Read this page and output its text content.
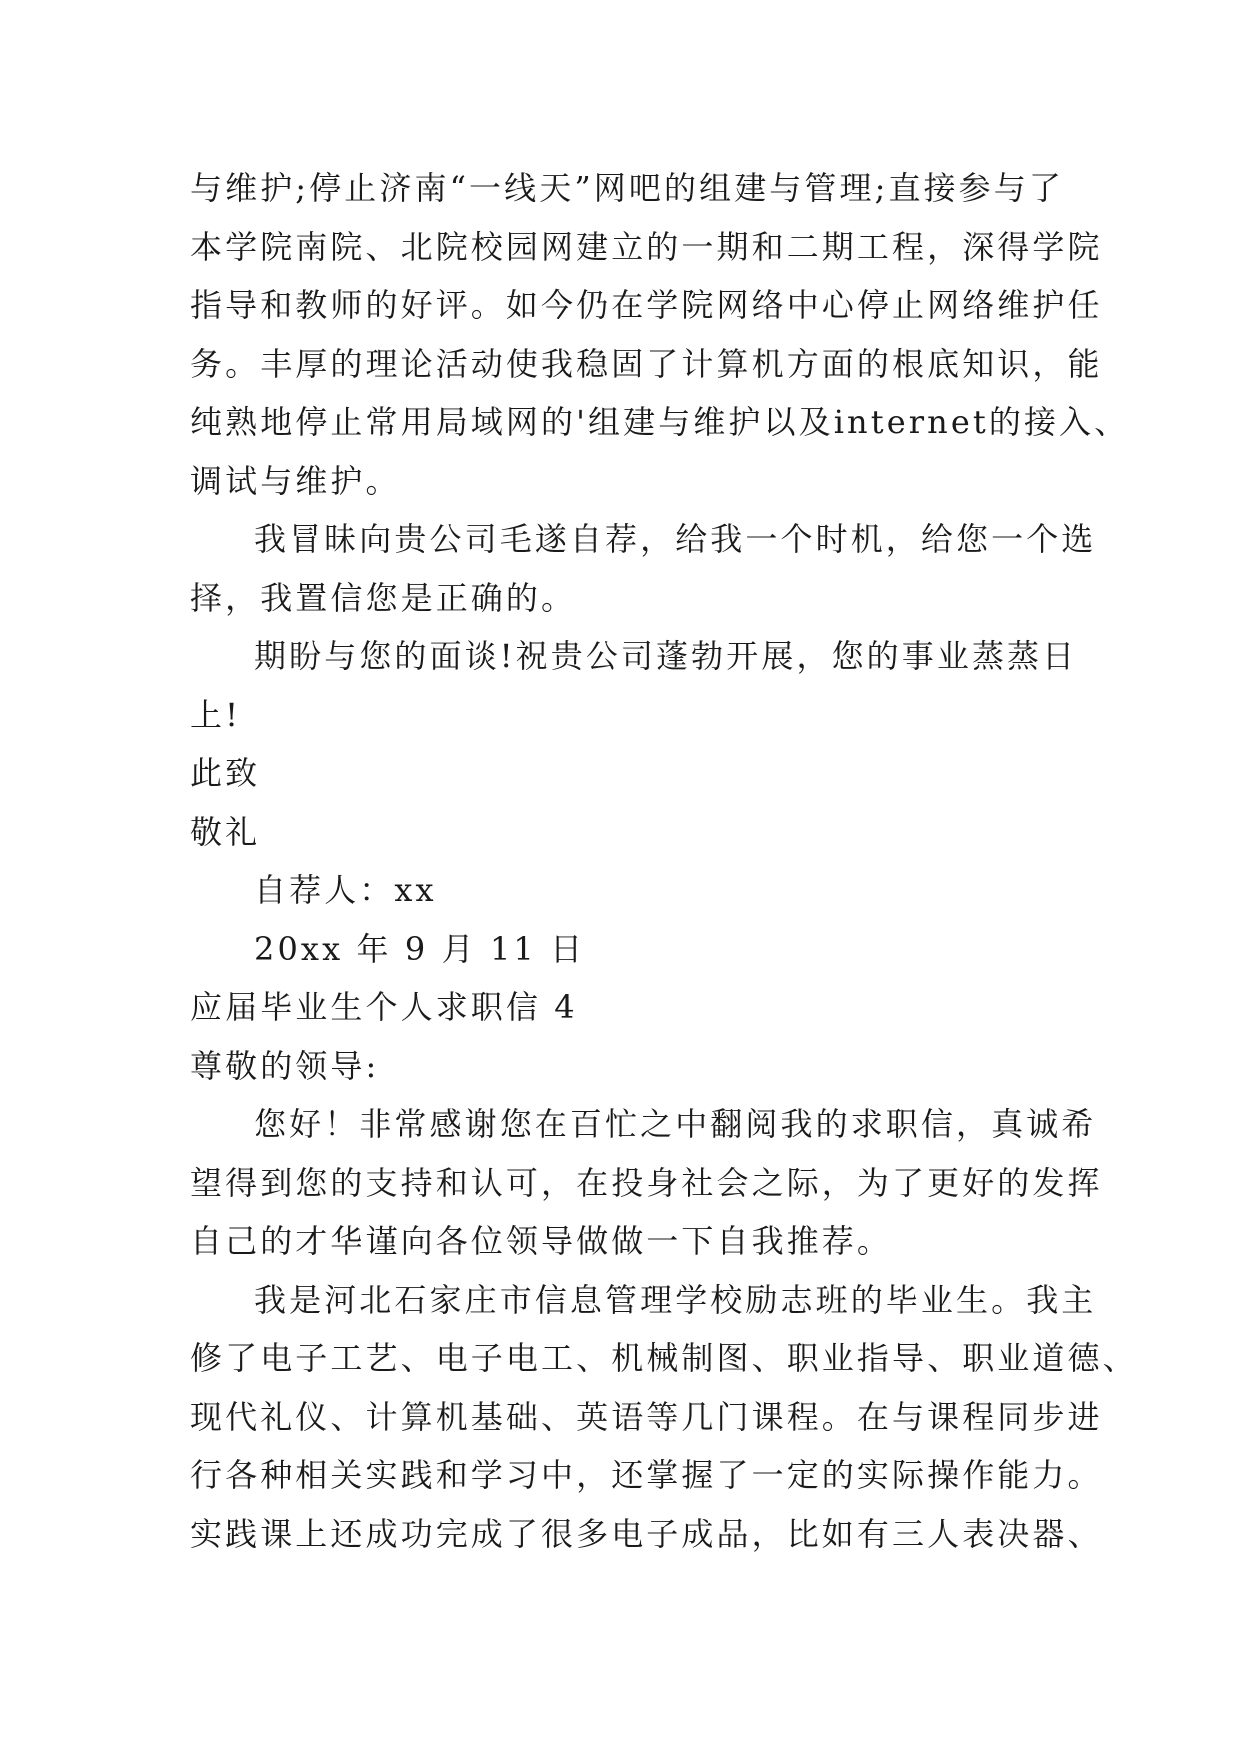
与维护;停止济南“一线天”网吧的组建与管理;直接参与了
本学院南院、北院校园网建立的一期和二期工程，深得学院
指导和教师的好评。如今仍在学院网络中心停止网络维护任
务。丰厚的理论活动使我稳固了计算机方面的根底知识，能
纯熟地停止常用局域网的'组建与维护以及internet的接入、
调试与维护。
我冒昧向贵公司毛遂自荐，给我一个时机，给您一个选
择，我置信您是正确的。
期盼与您的面谈!祝贵公司蓬勃开展，您的事业蒸蒸日
上!
此致
敬礼
自荐人：xx
20xx 年 9 月 11 日
应届毕业生个人求职信 4
尊敬的领导:
您好！非常感谢您在百忙之中翻阅我的求职信，真诚希
望得到您的支持和认可，在投身社会之际，为了更好的发挥
自己的才华谨向各位领导做做一下自我推荐。
我是河北石家庄市信息管理学校励志班的毕业生。我主
修了电子工艺、电子电工、机械制图、职业指导、职业道德、
现代礼仪、计算机基础、英语等几门课程。在与课程同步进
行各种相关实践和学习中，还掌握了一定的实际操作能力。
实践课上还成功完成了很多电子成品，比如有三人表决器、
